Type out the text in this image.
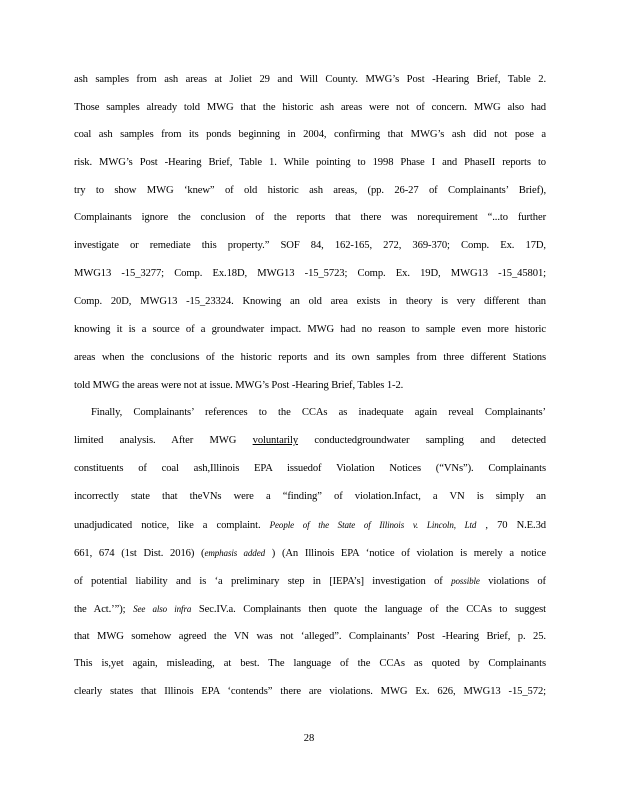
ash samples from ash areas at Joliet 29 and Will County. MWG’s Post -Hearing Brief, Table 2.
Those samples already told MWG that the historic ash areas were not of concern. MWG also had
coal ash samples from its ponds beginning in 2004, confirming that MWG’s ash did not pose a
risk. MWG’s Post -Hearing Brief, Table 1. While pointing to 1998 Phase I and PhaseII reports to
try to show MWG ‘knew” of old historic ash areas, (pp. 26-27 of Complainants’ Brief),
Complainants ignore the conclusion of the reports that there was norequirement “...to further
investigate or remediate this property.” SOF 84, 162-165, 272, 369-370; Comp. Ex. 17D,
MWG13 -15_3277; Comp. Ex.18D, MWG13 -15_5723; Comp. Ex. 19D, MWG13 -15_45801;
Comp. 20D, MWG13 -15_23324. Knowing an old area exists in theory is very different than
knowing it is a source of a groundwater impact. MWG had no reason to sample even more historic
areas when the conclusions of the historic reports and its own samples from three different Stations
told MWG the areas were not at issue. MWG’s Post -Hearing Brief, Tables 1-2.
Finally, Complainants’ references to the CCAs as inadequate again reveal Complainants’
limited analysis. After MWG voluntarily conductedgroundwater sampling and detected
constituents of coal ash,Illinois EPA issuedof Violation Notices (“VNs”). Complainants
incorrectly state that theVNs were a “finding” of violation.Infact, a VN is simply an
unadjudicated notice, like a complaint. People of the State of Illinois v. Lincoln, Ltd , 70 N.E.3d
661, 674 (1st Dist. 2016) (emphasis added ) (An Illinois EPA ‘notice of violation is merely a notice
of potential liability and is ‘a preliminary step in [IEPA’s] investigation of possible violations of
the Act.’”); See also infra Sec.IV.a. Complainants then quote the language of the CCAs to suggest
that MWG somehow agreed the VN was not ‘alleged”. Complainants’ Post -Hearing Brief, p. 25.
This is,yet again, misleading, at best. The language of the CCAs as quoted by Complainants
clearly states that Illinois EPA ‘contends” there are violations. MWG Ex. 626, MWG13 -15_572;
28
